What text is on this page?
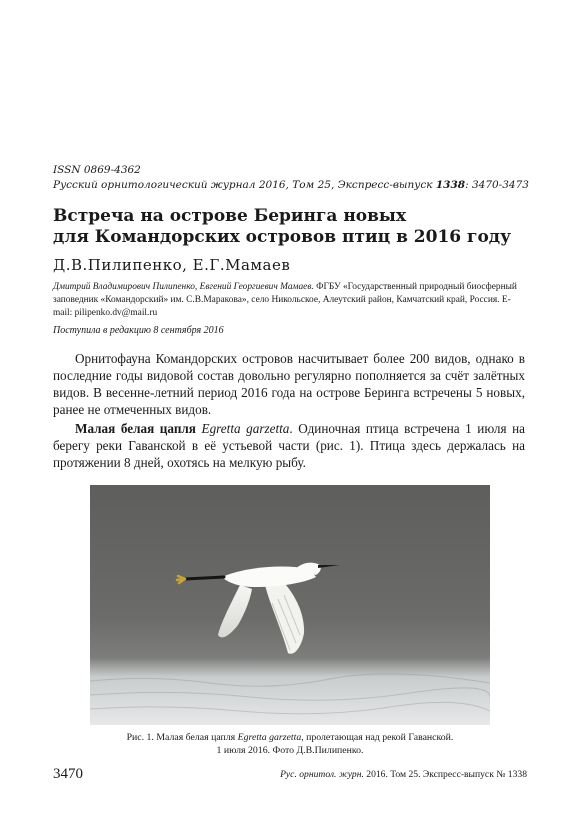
ISSN 0869-4362
Русский орнитологический журнал 2016, Том 25, Экспресс-выпуск 1338: 3470-3473
Встреча на острове Беринга новых
для Командорских островов птиц в 2016 году
Д.В.Пилипенко, Е.Г.Мамаев
Дмитрий Владимирович Пилипенко, Евгений Георгиевич Мамаев. ФГБУ «Государственный природный биосферный заповедник «Командорский» им. С.В.Маракова», село Никольское, Алеутский район, Камчатский край, Россия. E-mail: pilipenko.dv@mail.ru
Поступила в редакцию 8 сентября 2016

Орнитофауна Командорских островов насчитывает более 200 видов, однако в последние годы видовой состав довольно регулярно пополняется за счёт залётных видов. В весенне-летний период 2016 года на острове Беринга встречены 5 новых, ранее не отмеченных видов.

Малая белая цапля Egretta garzetta. Одиночная птица встречена 1 июля на берегу реки Гаванской в её устьевой части (рис. 1). Птица здесь держалась на протяжении 8 дней, охотясь на мелкую рыбу.

Рис. 1. Малая белая цапля Egretta garzetta, пролетающая над рекой Гаванской.
1 июля 2016. Фото Д.В.Пилипенко.
3470	Рус. орнитол. журн. 2016. Том 25. Экспресс-выпуск № 1338
